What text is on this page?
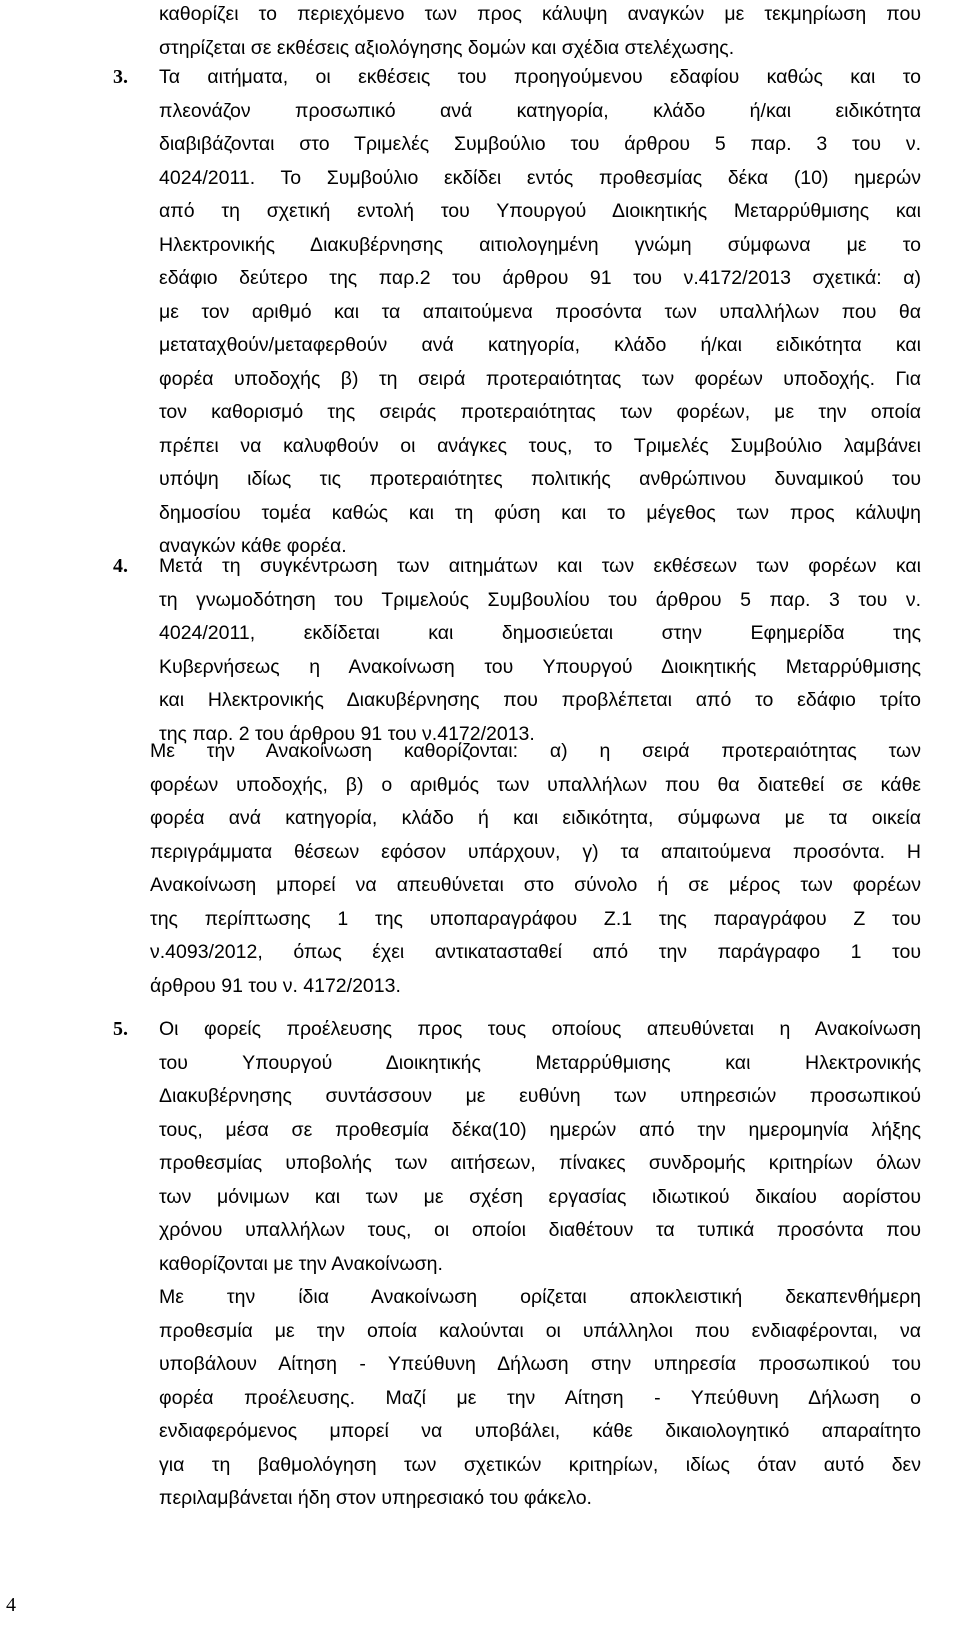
καθορίζει το περιεχόμενο των προς κάλυψη αναγκών με τεκμηρίωση που
στηρίζεται σε εκθέσεις αξιολόγησης δομών και σχέδια στελέχωσης.
3. Τα αιτήματα, οι εκθέσεις του προηγούμενου εδαφίου καθώς και το
πλεονάζον προσωπικό ανά κατηγορία, κλάδο ή/και ειδικότητα
διαβιβάζονται στο Τριμελές Συμβούλιο του άρθρου 5 παρ. 3 του ν.
4024/2011. Το Συμβούλιο εκδίδει εντός προθεσμίας δέκα (10) ημερών
από τη σχετική εντολή του Υπουργού Διοικητικής Μεταρρύθμισης και
Ηλεκτρονικής Διακυβέρνησης αιτιολογημένη γνώμη σύμφωνα με το
εδάφιο δεύτερο της παρ.2 του άρθρου 91 του ν.4172/2013 σχετικά: α)
με τον αριθμό και τα απαιτούμενα προσόντα των υπαλλήλων που θα
μεταταχθούν/μεταφερθούν ανά κατηγορία, κλάδο ή/και ειδικότητα και
φορέα υποδοχής β) τη σειρά προτεραιότητας των φορέων υποδοχής. Για
τον καθορισμό της σειράς προτεραιότητας των φορέων, με την οποία
πρέπει να καλυφθούν οι ανάγκες τους, το Τριμελές Συμβούλιο λαμβάνει
υπόψη ιδίως τις προτεραιότητες πολιτικής ανθρώπινου δυναμικού του
δημοσίου τομέα καθώς και τη φύση και το μέγεθος των προς κάλυψη
αναγκών κάθε φορέα.
4. Μετά τη συγκέντρωση των αιτημάτων και των εκθέσεων των φορέων και
τη γνωμοδότηση του Τριμελούς Συμβουλίου του άρθρου 5 παρ. 3 του ν.
4024/2011, εκδίδεται και δημοσιεύεται στην Εφημερίδα της
Κυβερνήσεως η Ανακοίνωση του Υπουργού Διοικητικής Μεταρρύθμισης
και Ηλεκτρονικής Διακυβέρνησης που προβλέπεται από το εδάφιο τρίτο
της παρ. 2 του άρθρου 91 του ν.4172/2013.
Με την Ανακοίνωση καθορίζονται: α) η σειρά προτεραιότητας των
φορέων υποδοχής, β) ο αριθμός των υπαλλήλων που θα διατεθεί σε κάθε
φορέα ανά κατηγορία, κλάδο ή και ειδικότητα, σύμφωνα με τα οικεία
περιγράμματα θέσεων εφόσον υπάρχουν, γ) τα απαιτούμενα προσόντα. Η
Ανακοίνωση μπορεί να απευθύνεται στο σύνολο ή σε μέρος των φορέων
της περίπτωσης 1 της υποπαραγράφου Ζ.1 της παραγράφου Ζ του
ν.4093/2012, όπως έχει αντικατασταθεί από την παράγραφο 1 του
άρθρου 91 του ν. 4172/2013.
5. Οι φορείς προέλευσης προς τους οποίους απευθύνεται η Ανακοίνωση
του Υπουργού Διοικητικής Μεταρρύθμισης και Ηλεκτρονικής
Διακυβέρνησης συντάσσουν με ευθύνη των υπηρεσιών προσωπικού
τους, μέσα σε προθεσμία δέκα(10) ημερών από την ημερομηνία λήξης
προθεσμίας υποβολής των αιτήσεων, πίνακες συνδρομής κριτηρίων όλων
των μόνιμων και των με σχέση εργασίας ιδιωτικού δικαίου αορίστου
χρόνου υπαλλήλων τους, οι οποίοι διαθέτουν τα τυπικά προσόντα που
καθορίζονται με την Ανακοίνωση.
Με την ίδια Ανακοίνωση ορίζεται αποκλειστική δεκαπενθήμερη
προθεσμία με την οποία καλούνται οι υπάλληλοι που ενδιαφέρονται, να
υποβάλουν Αίτηση - Υπεύθυνη Δήλωση στην υπηρεσία προσωπικού του
φορέα προέλευσης. Μαζί με την Αίτηση - Υπεύθυνη Δήλωση ο
ενδιαφερόμενος μπορεί να υποβάλει, κάθε δικαιολογητικό απαραίτητο
για τη βαθμολόγηση των σχετικών κριτηρίων, ιδίως όταν αυτό δεν
περιλαμβάνεται ήδη στον υπηρεσιακό του φάκελο.
4
